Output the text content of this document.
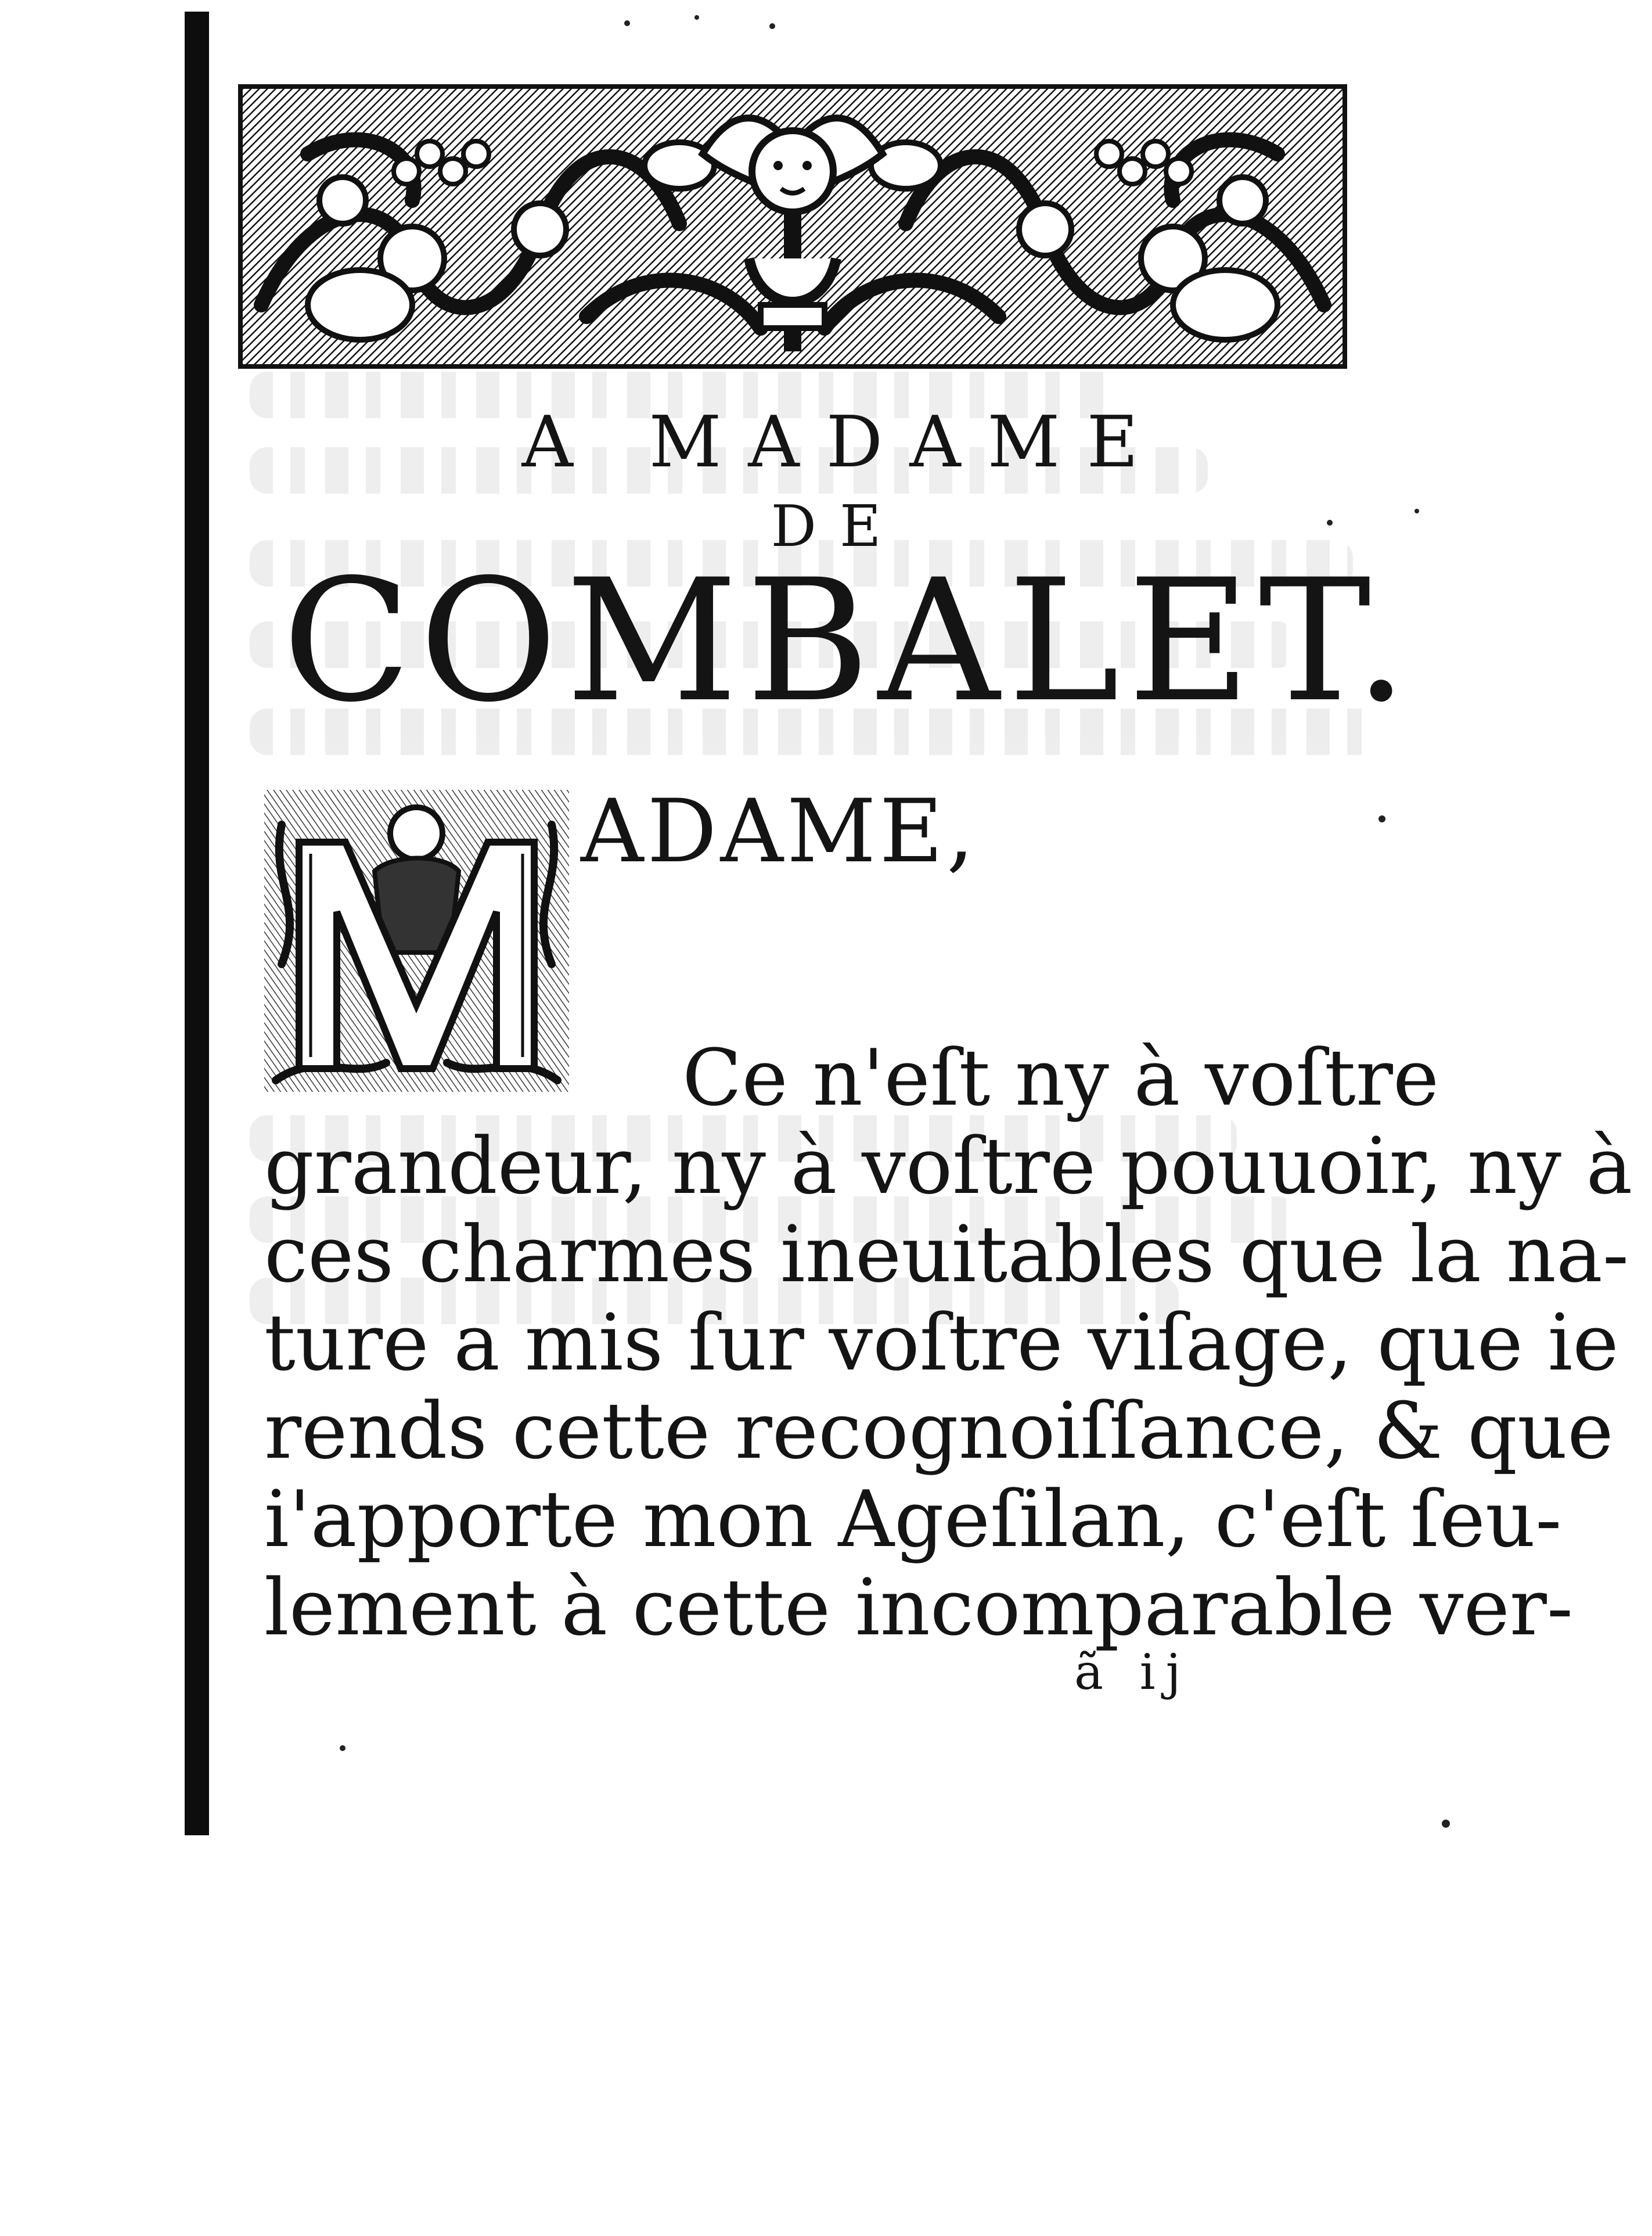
A MADAME
DE
COMBALET.
ADAME,
Ce n'eſt ny à voſtre
grandeur, ny à voſtre pouuoir, ny à
ces charmes ineuitables que la na-
ture a mis ſur voſtre viſage, que ie
rends cette recognoiſſance, & que
i'apporte mon Ageſilan, c'eſt ſeu-
lement à cette incomparable ver-
ã ij
